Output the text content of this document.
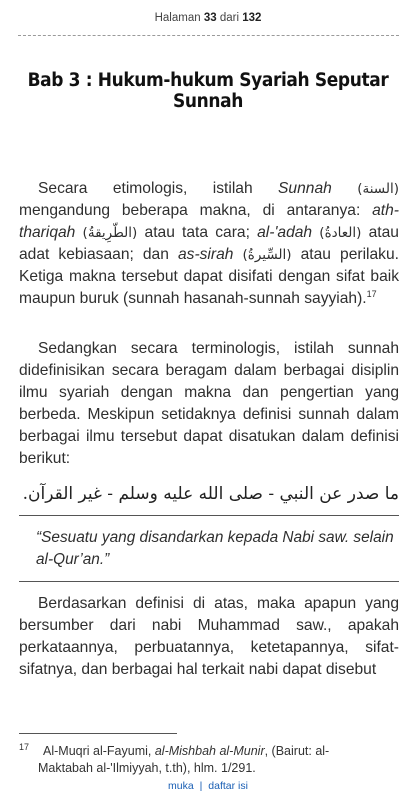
Halaman 33 dari 132
Bab 3 : Hukum-hukum Syariah Seputar Sunnah

Secara etimologis, istilah Sunnah (السنة) mengandung beberapa makna, di antaranya: ath-thariqah (الطّرِيقةُ) atau tata cara; al-'adah (العادةُ) atau adat kebiasaan; dan as-sirah (السِّيرةُ) atau perilaku. Ketiga makna tersebut dapat disifati dengan sifat baik maupun buruk (sunnah hasanah-sunnah sayyiah).$^{17}$

Sedangkan secara terminologis, istilah sunnah didefinisikan secara beragam dalam berbagai disiplin ilmu syariah dengan makna dan pengertian yang berbeda. Meskipun setidaknya definisi sunnah dalam berbagai ilmu tersebut dapat disatukan dalam definisi berikut:

ما صدر عن النبي - صلى الله عليه وسلم - غير القرآن.
“Sesuatu yang disandarkan kepada Nabi saw. selain al-Qur’an.”

Berdasarkan definisi di atas, maka apapun yang bersumber dari nabi Muhammad saw., apakah perkataannya, perbuatannya, ketetapannya, sifat-sifatnya, dan berbagai hal terkait nabi dapat disebut

$^{17}$ Al-Muqri al-Fayumi, al-Mishbah al-Munir, (Bairut: al-
Maktabah al-'Ilmiyyah, t.th), hlm. 1/291.
muka | daftar isi
